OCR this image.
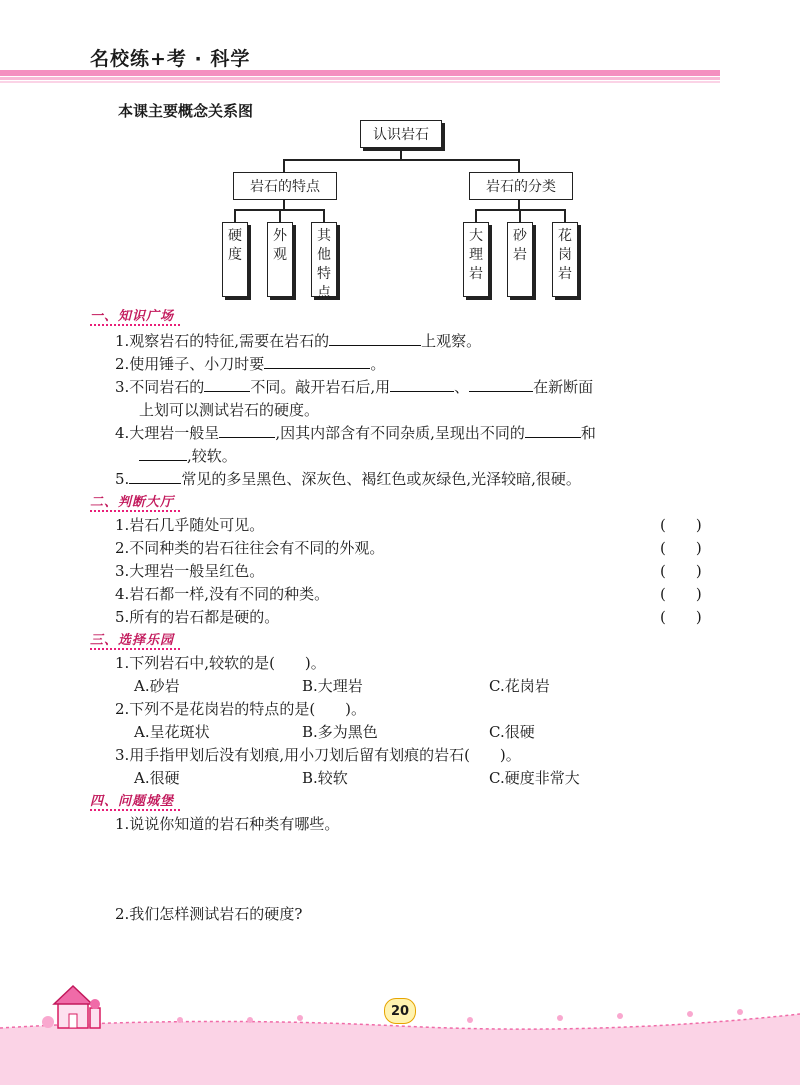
名校练+考 · 科学
本课主要概念关系图
认识岩石
岩石的特点	岩石的分类
硬
度
外
观
其
他
特
点
大
理
岩
砂
岩
花
岗
岩
一、知识广场
1.观察岩石的特征,需要在岩石的	上观察。
2.使用锤子、小刀时要	。
3.不同岩石的	不同。敲开岩石后,用	、	在新断面
上划可以测试岩石的硬度。
4.大理岩一般呈	,因其内部含有不同杂质,呈现出不同的	和
,较软。
5.	常见的多呈黑色、深灰色、褐红色或灰绿色,光泽较暗,很硬。
二、判断大厅
1.岩石几乎随处可见。	(　　)
2.不同种类的岩石往往会有不同的外观。	(　　)
3.大理岩一般呈红色。	(　　)
4.岩石都一样,没有不同的种类。	(　　)
5.所有的岩石都是硬的。	(　　)
三、选择乐园
1.下列岩石中,较软的是(　　)。
A.砂岩	B.大理岩	C.花岗岩
2.下列不是花岗岩的特点的是(　　)。
A.呈花斑状	B.多为黑色	C.很硬
3.用手指甲划后没有划痕,用小刀划后留有划痕的岩石(　　)。
A.很硬	B.较软	C.硬度非常大
四、问题城堡
1.说说你知道的岩石种类有哪些。
2.我们怎样测试岩石的硬度?
20
